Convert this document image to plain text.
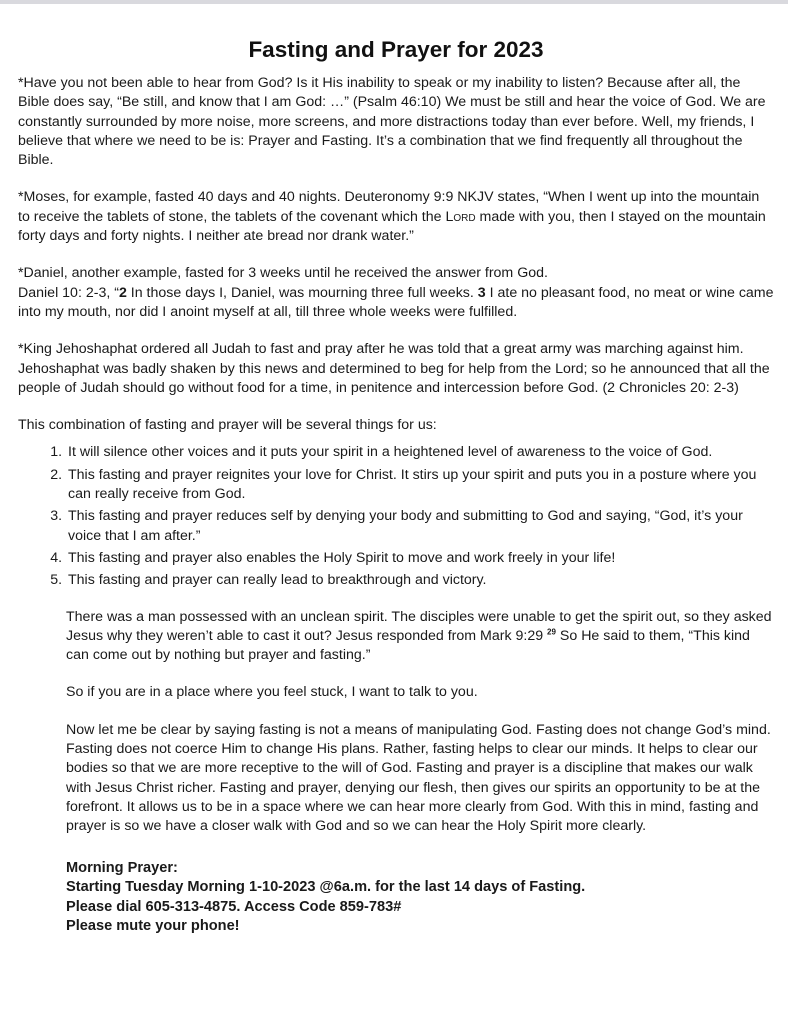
Fasting and Prayer for 2023

*Have you not been able to hear from God? Is it His inability to speak or my inability to listen? Because after all, the Bible does say, “Be still, and know that I am God: …” (Psalm 46:10) We must be still and hear the voice of God. We are constantly surrounded by more noise, more screens, and more distractions today than ever before. Well, my friends, I believe that where we need to be is: Prayer and Fasting. It’s a combination that we find frequently all throughout the Bible.

*Moses, for example, fasted 40 days and 40 nights. Deuteronomy 9:9 NKJV states, “When I went up into the mountain to receive the tablets of stone, the tablets of the covenant which the Lord made with you, then I stayed on the mountain forty days and forty nights. I neither ate bread nor drank water.”

*Daniel, another example, fasted for 3 weeks until he received the answer from God.
Daniel 10: 2-3, “2 In those days I, Daniel, was mourning three full weeks. 3 I ate no pleasant food, no meat or wine came into my mouth, nor did I anoint myself at all, till three whole weeks were fulfilled.

*King Jehoshaphat ordered all Judah to fast and pray after he was told that a great army was marching against him. Jehoshaphat was badly shaken by this news and determined to beg for help from the Lord; so he announced that all the people of Judah should go without food for a time, in penitence and intercession before God. (2 Chronicles 20: 2-3)

This combination of fasting and prayer will be several things for us:

1. It will silence other voices and it puts your spirit in a heightened level of awareness to the voice of God.
2. This fasting and prayer reignites your love for Christ. It stirs up your spirit and puts you in a posture where you can really receive from God.
3. This fasting and prayer reduces self by denying your body and submitting to God and saying, “God, it’s your voice that I am after.”
4. This fasting and prayer also enables the Holy Spirit to move and work freely in your life!
5. This fasting and prayer can really lead to breakthrough and victory.

There was a man possessed with an unclean spirit. The disciples were unable to get the spirit out, so they asked Jesus why they weren’t able to cast it out? Jesus responded from Mark 9:29 $^{29}$ So He said to them, “This kind can come out by nothing but prayer and fasting.”

So if you are in a place where you feel stuck, I want to talk to you.

Now let me be clear by saying fasting is not a means of manipulating God. Fasting does not change God’s mind. Fasting does not coerce Him to change His plans. Rather, fasting helps to clear our minds. It helps to clear our bodies so that we are more receptive to the will of God. Fasting and prayer is a discipline that makes our walk with Jesus Christ richer. Fasting and prayer, denying our flesh, then gives our spirits an opportunity to be at the forefront. It allows us to be in a space where we can hear more clearly from God. With this in mind, fasting and prayer is so we have a closer walk with God and so we can hear the Holy Spirit more clearly.

Morning Prayer:
Starting Tuesday Morning 1-10-2023 @6a.m. for the last 14 days of Fasting.
Please dial 605-313-4875. Access Code 859-783#
Please mute your phone!
